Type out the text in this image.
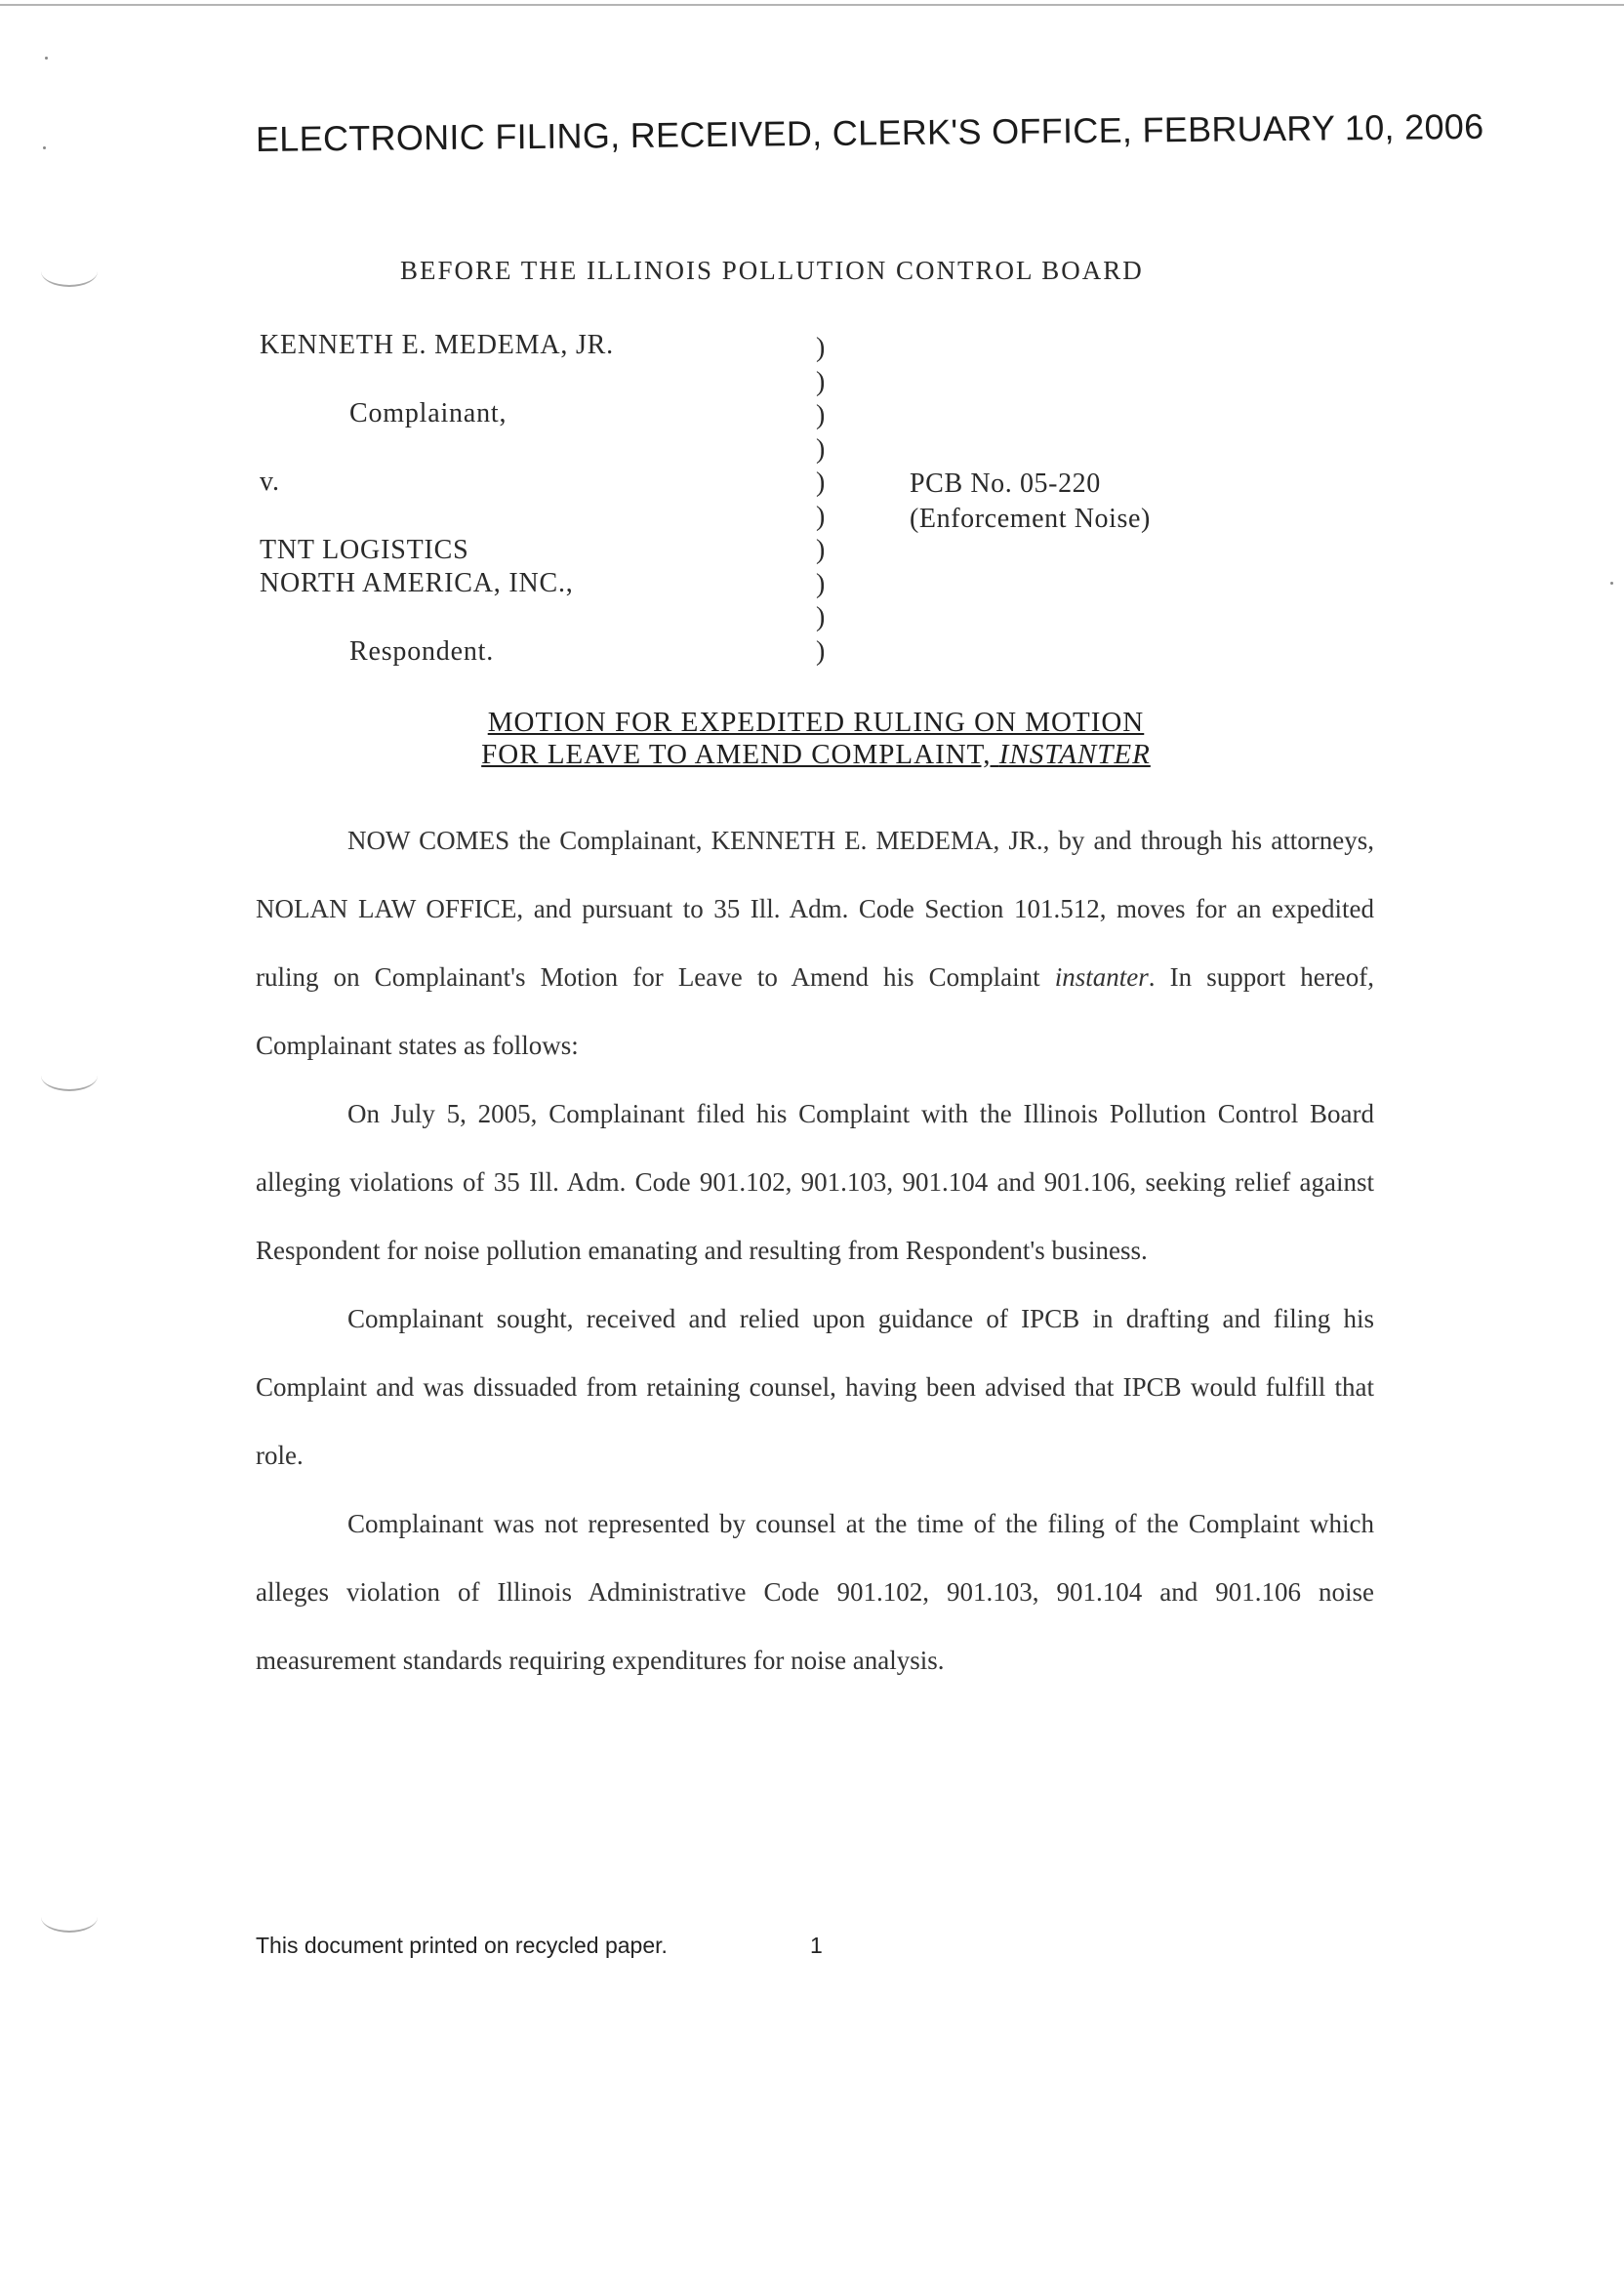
ELECTRONIC FILING, RECEIVED, CLERK'S OFFICE, FEBRUARY 10, 2006
BEFORE THE ILLINOIS POLLUTION CONTROL BOARD
KENNETH E. MEDEMA, JR.
Complainant,
v.
TNT LOGISTICS
NORTH AMERICA, INC.,
Respondent.
)
)
)
)
)
)
)
)
)
)
PCB No. 05-220
(Enforcement Noise)
MOTION FOR EXPEDITED RULING ON MOTION
FOR LEAVE TO AMEND COMPLAINT, INSTANTER

NOW COMES the Complainant, KENNETH E. MEDEMA, JR., by and through his attorneys, NOLAN LAW OFFICE, and pursuant to 35 Ill. Adm. Code Section 101.512, moves for an expedited ruling on Complainant's Motion for Leave to Amend his Complaint instanter. In support hereof, Complainant states as follows:

On July 5, 2005, Complainant filed his Complaint with the Illinois Pollution Control Board alleging violations of 35 Ill. Adm. Code 901.102, 901.103, 901.104 and 901.106, seeking relief against Respondent for noise pollution emanating and resulting from Respondent's business.

Complainant sought, received and relied upon guidance of IPCB in drafting and filing his Complaint and was dissuaded from retaining counsel, having been advised that IPCB would fulfill that role.

Complainant was not represented by counsel at the time of the filing of the Complaint which alleges violation of Illinois Administrative Code 901.102, 901.103, 901.104 and 901.106 noise measurement standards requiring expenditures for noise analysis.

This document printed on recycled paper.	1
